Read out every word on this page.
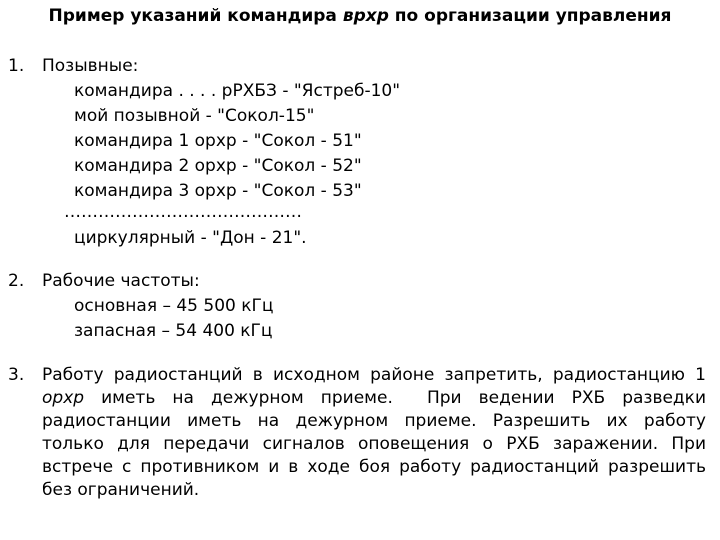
Пример указаний командира врхр по организации управления
1. Позывные:
командира . . . . рРХБЗ - "Ястреб-10"
мой позывной - "Сокол-15"
командира 1 орхр - "Сокол - 51"
командира 2 орхр - "Сокол - 52"
командира 3 орхр - "Сокол - 53"
……………………………………
циркулярный - "Дон - 21".
2. Рабочие частоты:
основная – 45 500 кГц
запасная – 54 400 кГц
3. Работу радиостанций в исходном районе запретить, радиостанцию 1
орхр иметь на дежурном приеме.  При ведении РХБ разведки
радиостанции иметь на дежурном приеме. Разрешить их работу
только для передачи сигналов оповещения о РХБ заражении. При
встрече с противником и в ходе боя работу радиостанций разрешить
без ограничений.
